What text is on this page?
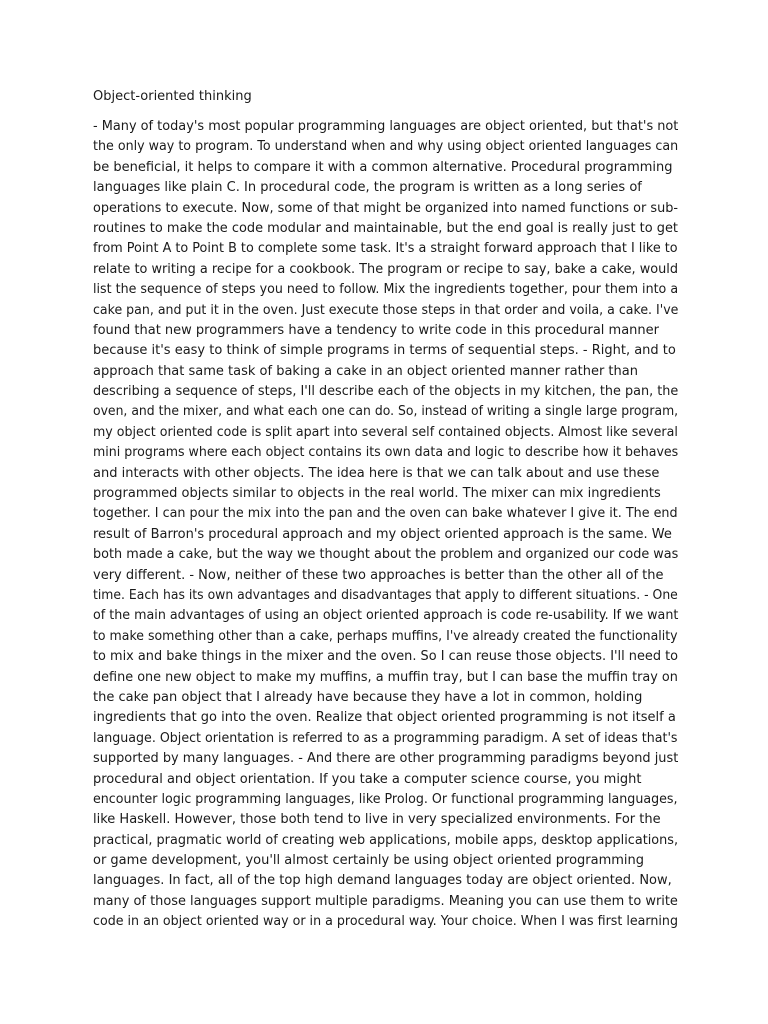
Object-oriented thinking
- Many of today's most popular programming languages are object oriented, but that's not
the only way to program. To understand when and why using object oriented languages can
be beneficial, it helps to compare it with a common alternative. Procedural programming
languages like plain C. In procedural code, the program is written as a long series of
operations to execute. Now, some of that might be organized into named functions or sub-
routines to make the code modular and maintainable, but the end goal is really just to get
from Point A to Point B to complete some task. It's a straight forward approach that I like to
relate to writing a recipe for a cookbook. The program or recipe to say, bake a cake, would
list the sequence of steps you need to follow. Mix the ingredients together, pour them into a
cake pan, and put it in the oven. Just execute those steps in that order and voila, a cake. I've
found that new programmers have a tendency to write code in this procedural manner
because it's easy to think of simple programs in terms of sequential steps. - Right, and to
approach that same task of baking a cake in an object oriented manner rather than
describing a sequence of steps, I'll describe each of the objects in my kitchen, the pan, the
oven, and the mixer, and what each one can do. So, instead of writing a single large program,
my object oriented code is split apart into several self contained objects. Almost like several
mini programs where each object contains its own data and logic to describe how it behaves
and interacts with other objects. The idea here is that we can talk about and use these
programmed objects similar to objects in the real world. The mixer can mix ingredients
together. I can pour the mix into the pan and the oven can bake whatever I give it. The end
result of Barron's procedural approach and my object oriented approach is the same. We
both made a cake, but the way we thought about the problem and organized our code was
very different. - Now, neither of these two approaches is better than the other all of the
time. Each has its own advantages and disadvantages that apply to different situations. - One
of the main advantages of using an object oriented approach is code re-usability. If we want
to make something other than a cake, perhaps muffins, I've already created the functionality
to mix and bake things in the mixer and the oven. So I can reuse those objects. I'll need to
define one new object to make my muffins, a muffin tray, but I can base the muffin tray on
the cake pan object that I already have because they have a lot in common, holding
ingredients that go into the oven. Realize that object oriented programming is not itself a
language. Object orientation is referred to as a programming paradigm. A set of ideas that's
supported by many languages. - And there are other programming paradigms beyond just
procedural and object orientation. If you take a computer science course, you might
encounter logic programming languages, like Prolog. Or functional programming languages,
like Haskell. However, those both tend to live in very specialized environments. For the
practical, pragmatic world of creating web applications, mobile apps, desktop applications,
or game development, you'll almost certainly be using object oriented programming
languages. In fact, all of the top high demand languages today are object oriented. Now,
many of those languages support multiple paradigms. Meaning you can use them to write
code in an object oriented way or in a procedural way. Your choice. When I was first learning
